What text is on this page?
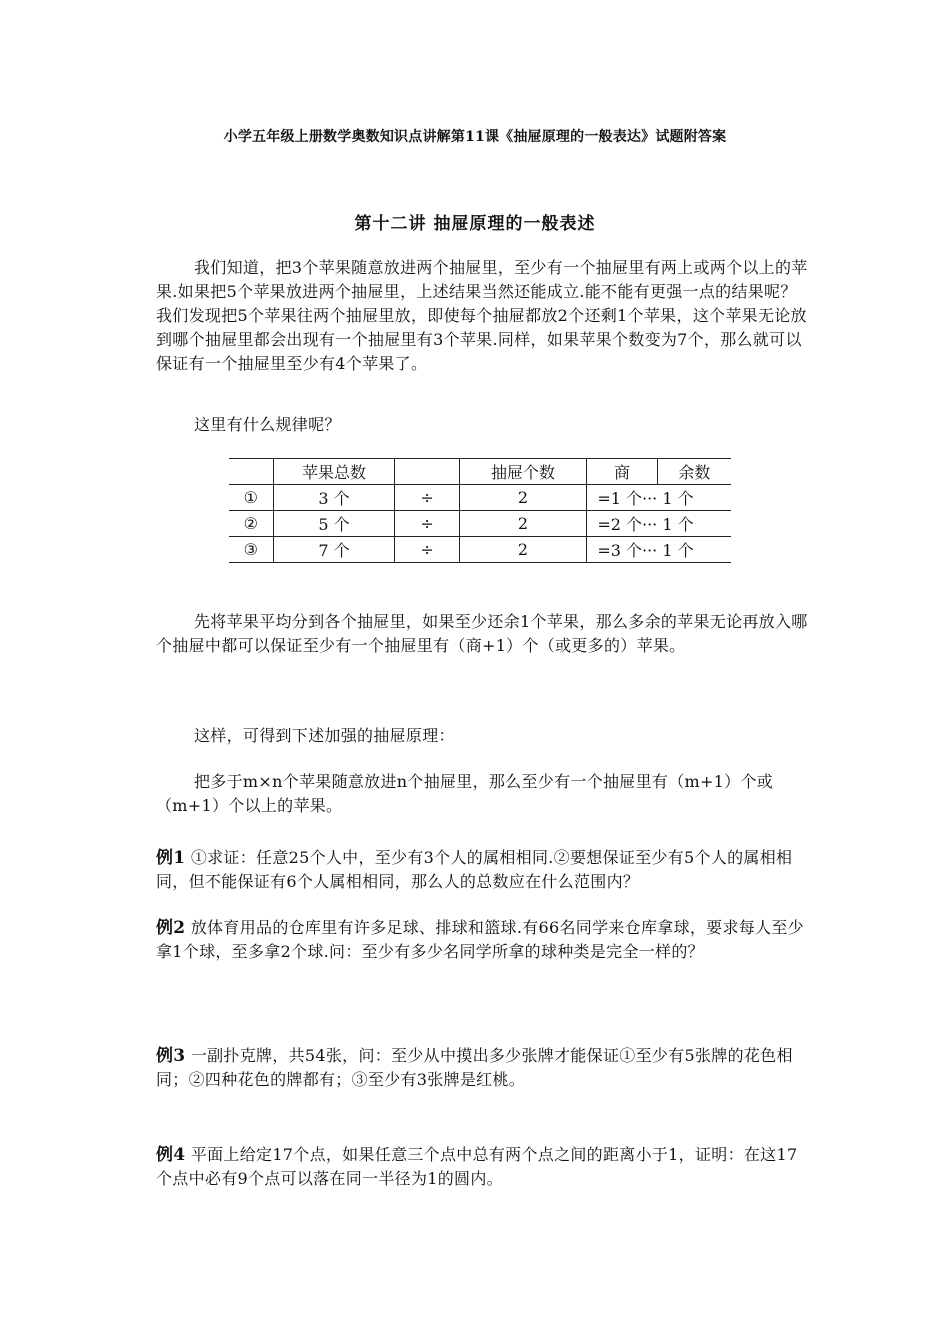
小学五年级上册数学奥数知识点讲解第11课《抽屉原理的一般表达》试题附答案
第十二讲 抽屉原理的一般表述

我们知道，把3个苹果随意放进两个抽屉里，至少有一个抽屉里有两上或两个以上的苹果.如果把5个苹果放进两个抽屉里，上述结果当然还能成立.能不能有更强一点的结果呢？我们发现把5个苹果往两个抽屉里放，即使每个抽屉都放2个还剩1个苹果，这个苹果无论放到哪个抽屉里都会出现有一个抽屉里有3个苹果.同样，如果苹果个数变为7个，那么就可以保证有一个抽屉里至少有4个苹果了。

这里有什么规律呢？

	苹果总数		抽屉个数	商	余数
①	3 个	÷	2	=1 个··· 1 个	
②	5 个	÷	2	=2 个··· 1 个	
③	7 个	÷	2	=3 个··· 1 个	

先将苹果平均分到各个抽屉里，如果至少还余1个苹果，那么多余的苹果无论再放入哪个抽屉中都可以保证至少有一个抽屉里有（商+1）个（或更多的）苹果。

这样，可得到下述加强的抽屉原理：

把多于m×n个苹果随意放进n个抽屉里，那么至少有一个抽屉里有（m+1）个或（m+1）个以上的苹果。

例1 ①求证：任意25个人中，至少有3个人的属相相同.②要想保证至少有5个人的属相相同，但不能保证有6个人属相相同，那么人的总数应在什么范围内？

例2 放体育用品的仓库里有许多足球、排球和篮球.有66名同学来仓库拿球，要求每人至少拿1个球，至多拿2个球.问：至少有多少名同学所拿的球种类是完全一样的？

例3 一副扑克牌，共54张，问：至少从中摸出多少张牌才能保证①至少有5张牌的花色相同；②四种花色的牌都有；③至少有3张牌是红桃。

例4 平面上给定17个点，如果任意三个点中总有两个点之间的距离小于1，证明：在这17个点中必有9个点可以落在同一半径为1的圆内。
